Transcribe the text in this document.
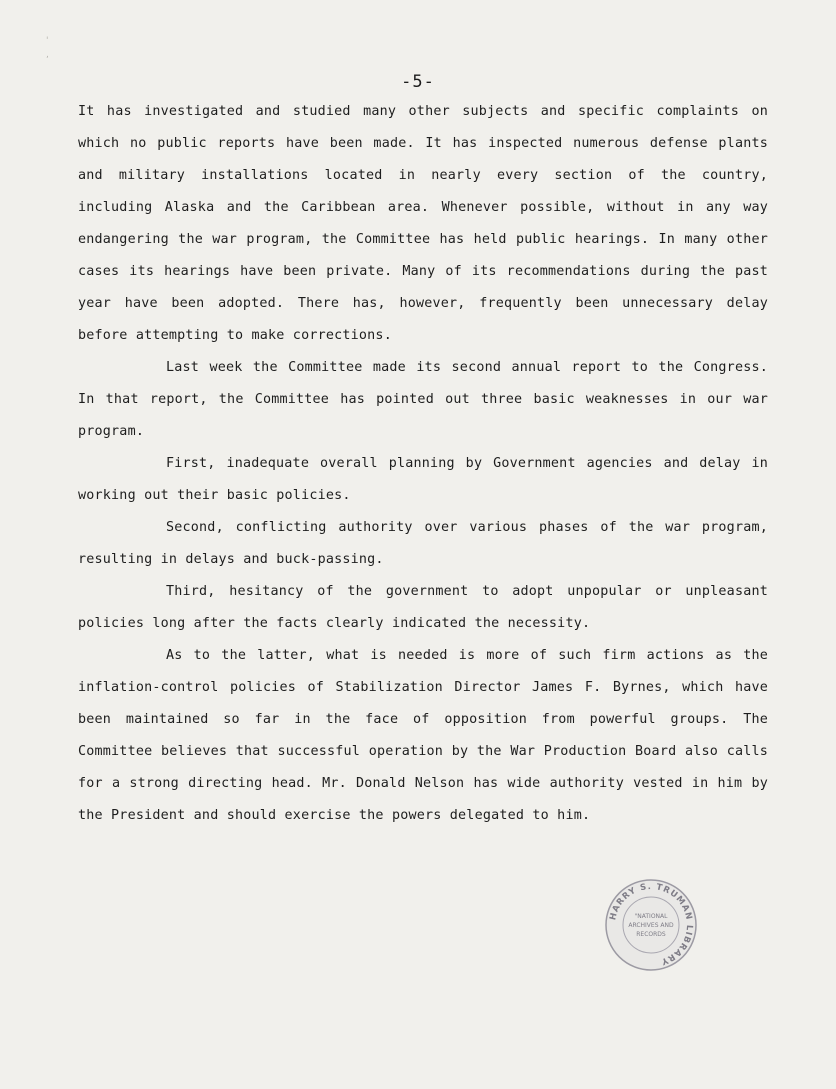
'
,
-5-

It has investigated and studied many other subjects and specific complaints on which no public reports have been made. It has inspected numerous defense plants and military installations located in nearly every section of the country, including Alaska and the Caribbean area. Whenever possible, without in any way endangering the war program, the Committee has held public hearings. In many other cases its hearings have been private. Many of its recommendations during the past year have been adopted. There has, however, frequently been unnecessary delay before attempting to make corrections.

Last week the Committee made its second annual report to the Congress. In that report, the Committee has pointed out three basic weaknesses in our war program.

First, inadequate overall planning by Government agencies and delay in working out their basic policies.

Second, conflicting authority over various phases of the war program, resulting in delays and buck-passing.

Third, hesitancy of the government to adopt unpopular or unpleasant policies long after the facts clearly indicated the necessity.

As to the latter, what is needed is more of such firm actions as the inflation-control policies of Stabilization Director James F. Byrnes, which have been maintained so far in the face of opposition from powerful groups. The Committee believes that successful operation by the War Production Board also calls for a strong directing head. Mr. Donald Nelson has wide authority vested in him by the President and should exercise the powers delegated to him.

HARRY S. TRUMAN LIBRARY
"NATIONAL
ARCHIVES AND
RECORDS
